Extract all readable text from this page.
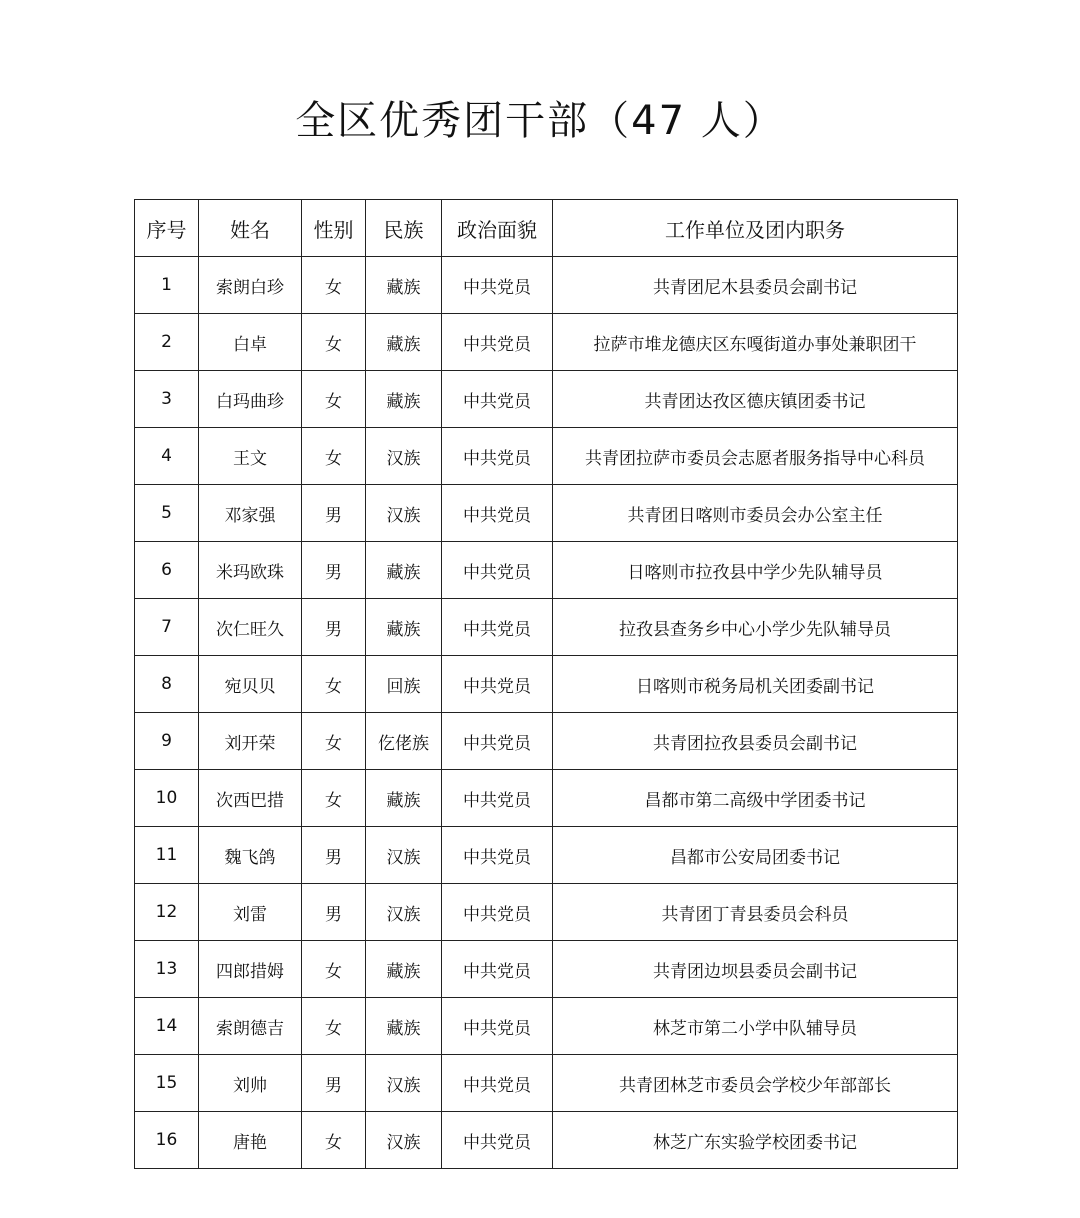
全区优秀团干部（47 人）
序号	姓名	性别	民族	政治面貌	工作单位及团内职务
1	索朗白珍	女	藏族	中共党员	共青团尼木县委员会副书记
2	白卓	女	藏族	中共党员	拉萨市堆龙德庆区东嘎街道办事处兼职团干
3	白玛曲珍	女	藏族	中共党员	共青团达孜区德庆镇团委书记
4	王文	女	汉族	中共党员	共青团拉萨市委员会志愿者服务指导中心科员
5	邓家强	男	汉族	中共党员	共青团日喀则市委员会办公室主任
6	米玛欧珠	男	藏族	中共党员	日喀则市拉孜县中学少先队辅导员
7	次仁旺久	男	藏族	中共党员	拉孜县查务乡中心小学少先队辅导员
8	宛贝贝	女	回族	中共党员	日喀则市税务局机关团委副书记
9	刘开荣	女	仡佬族	中共党员	共青团拉孜县委员会副书记
10	次西巴措	女	藏族	中共党员	昌都市第二高级中学团委书记
11	魏飞鸽	男	汉族	中共党员	昌都市公安局团委书记
12	刘雷	男	汉族	中共党员	共青团丁青县委员会科员
13	四郎措姆	女	藏族	中共党员	共青团边坝县委员会副书记
14	索朗德吉	女	藏族	中共党员	林芝市第二小学中队辅导员
15	刘帅	男	汉族	中共党员	共青团林芝市委员会学校少年部部长
16	唐艳	女	汉族	中共党员	林芝广东实验学校团委书记
